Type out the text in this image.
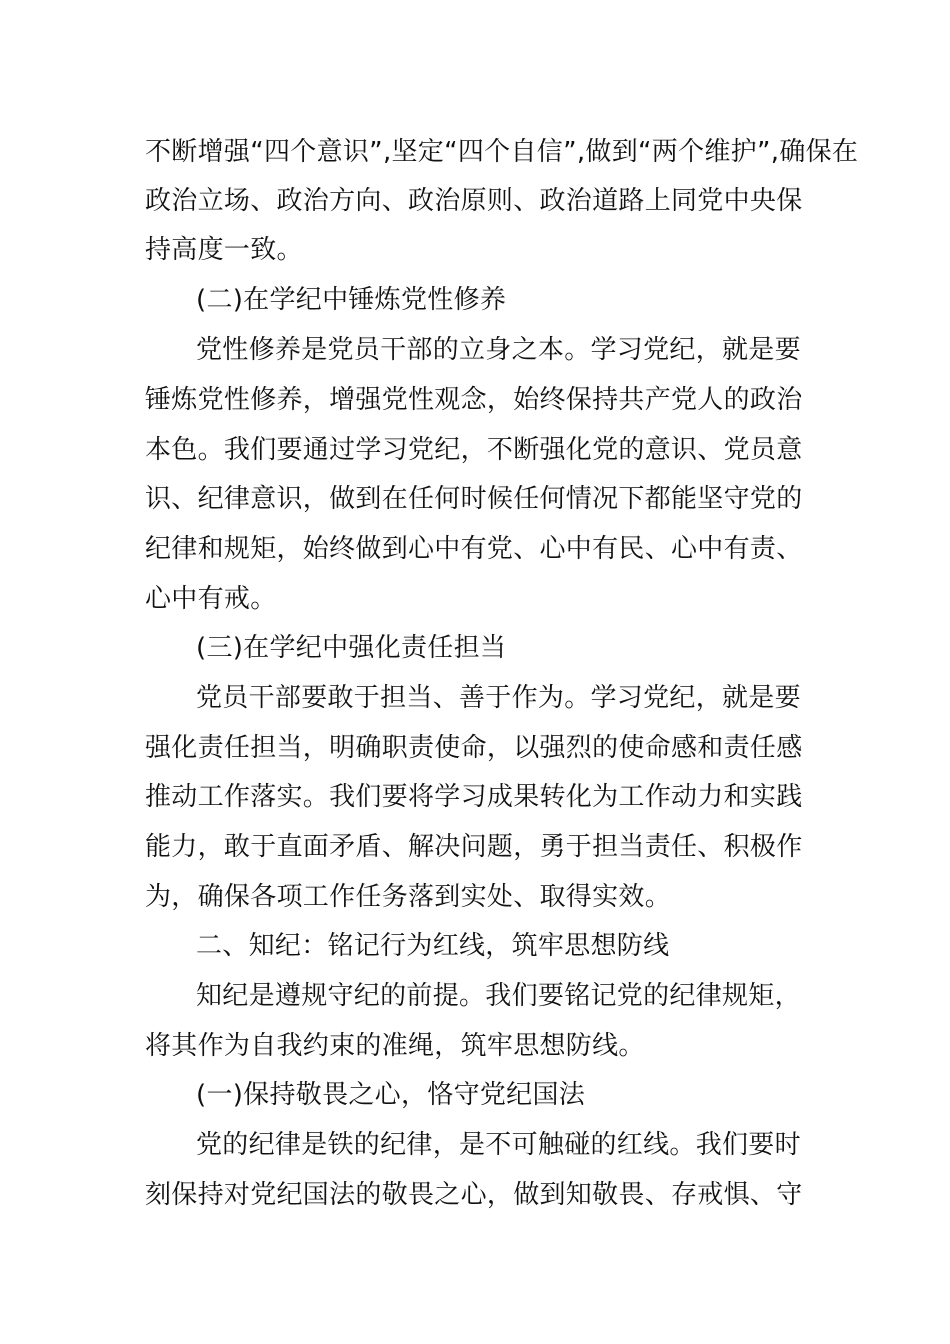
不断增强“四个意识”,坚定“四个自信”,做到“两个维护”,确保在
政治立场、政治方向、政治原则、政治道路上同党中央保
持高度一致。
(二)在学纪中锤炼党性修养
党性修养是党员干部的立身之本。学习党纪，就是要
锤炼党性修养，增强党性观念，始终保持共产党人的政治
本色。我们要通过学习党纪，不断强化党的意识、党员意
识、纪律意识，做到在任何时候任何情况下都能坚守党的
纪律和规矩，始终做到心中有党、心中有民、心中有责、
心中有戒。
(三)在学纪中强化责任担当
党员干部要敢于担当、善于作为。学习党纪，就是要
强化责任担当，明确职责使命，以强烈的使命感和责任感
推动工作落实。我们要将学习成果转化为工作动力和实践
能力，敢于直面矛盾、解决问题，勇于担当责任、积极作
为，确保各项工作任务落到实处、取得实效。
二、知纪：铭记行为红线，筑牢思想防线
知纪是遵规守纪的前提。我们要铭记党的纪律规矩，
将其作为自我约束的准绳，筑牢思想防线。
(一)保持敬畏之心，恪守党纪国法
党的纪律是铁的纪律，是不可触碰的红线。我们要时
刻保持对党纪国法的敬畏之心，做到知敬畏、存戒惧、守
